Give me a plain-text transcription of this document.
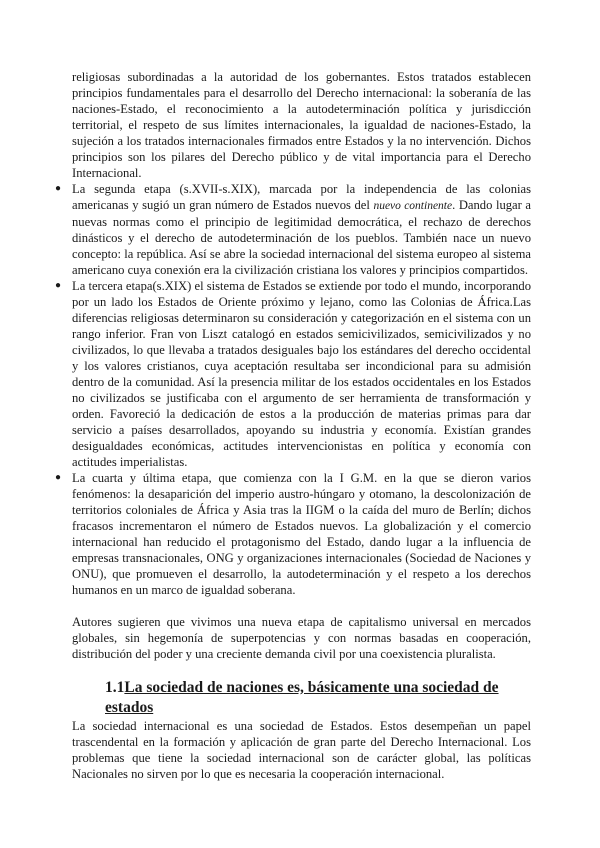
religiosas subordinadas a la autoridad de los gobernantes. Estos tratados establecen principios fundamentales para el desarrollo del Derecho internacional: la soberanía de las naciones-Estado, el reconocimiento a la autodeterminación política y jurisdicción territorial, el respeto de sus límites internacionales, la igualdad de naciones-Estado, la sujeción a los tratados internacionales firmados entre Estados y la no intervención. Dichos principios son los pilares del Derecho público y de vital importancia para el Derecho Internacional.

● La segunda etapa (s.XVII-s.XIX), marcada por la independencia de las colonias americanas y sugió un gran número de Estados nuevos del nuevo continente. Dando lugar a nuevas normas como el principio de legitimidad democrática, el rechazo de derechos dinásticos y el derecho de autodeterminación de los pueblos. También nace un nuevo concepto: la república. Así se abre la sociedad internacional del sistema europeo al sistema americano cuya conexión era la civilización cristiana los valores y principios compartidos.

● La tercera etapa(s.XIX) el sistema de Estados se extiende por todo el mundo, incorporando por un lado los Estados de Oriente próximo y lejano, como las Colonias de África.Las diferencias religiosas determinaron su consideración y categorización en el sistema con un rango inferior. Fran von Liszt catalogó en estados semicivilizados, semicivilizados y no civilizados, lo que llevaba a tratados desiguales bajo los estándares del derecho occidental y los valores cristianos, cuya aceptación resultaba ser incondicional para su admisión dentro de la comunidad. Así la presencia militar de los estados occidentales en los Estados no civilizados se justificaba con el argumento de ser herramienta de transformación y orden. Favoreció la dedicación de estos a la producción de materias primas para dar servicio a países desarrollados, apoyando su industria y economía. Existían grandes desigualdades económicas, actitudes intervencionistas en política y economía con actitudes imperialistas.

● La cuarta y última etapa, que comienza con la I G.M. en la que se dieron varios fenómenos: la desaparición del imperio austro-húngaro y otomano, la descolonización de territorios coloniales de África y Asia tras la IIGM o la caída del muro de Berlín; dichos fracasos incrementaron el número de Estados nuevos. La globalización y el comercio internacional han reducido el protagonismo del Estado, dando lugar a la influencia de empresas transnacionales, ONG y organizaciones internacionales (Sociedad de Naciones y ONU), que promueven el desarrollo, la autodeterminación y el respeto a los derechos humanos en un marco de igualdad soberana.

Autores sugieren que vivimos una nueva etapa de capitalismo universal en mercados globales, sin hegemonía de superpotencias y con normas basadas en cooperación, distribución del poder y una creciente demanda civil por una coexistencia pluralista.

1.1La sociedad de naciones es, básicamente una sociedad de estados

La sociedad internacional es una sociedad de Estados. Estos desempeñan un papel trascendental en la formación y aplicación de gran parte del Derecho Internacional. Los problemas que tiene la sociedad internacional son de carácter global, las políticas Nacionales no sirven por lo que es necesaria la cooperación internacional.
